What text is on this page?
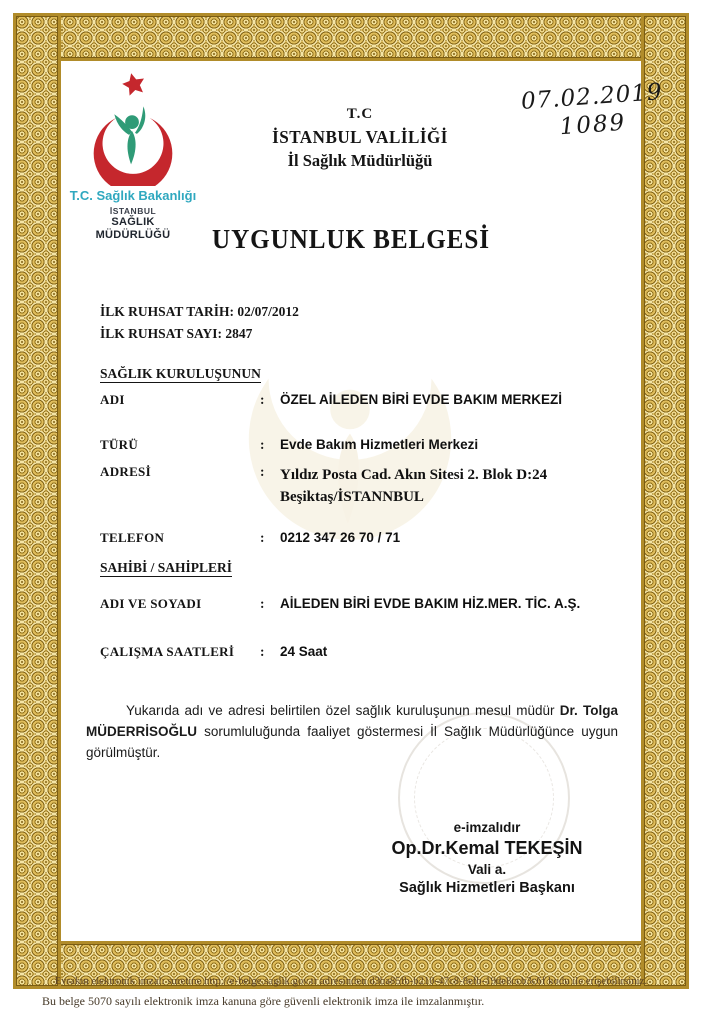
T.C. Sağlık Bakanlığı
İSTANBUL
SAĞLIK
MÜDÜRLÜĞÜ
T.C
İSTANBUL VALİLİĞİ
İl Sağlık Müdürlüğü
07.02.2019
1089
UYGUNLUK BELGESİ
İLK RUHSAT TARİH: 02/07/2012
İLK RUHSAT SAYI: 2847
SAĞLIK KURULUŞUNUN
ADI	:	ÖZEL AİLEDEN BİRİ EVDE BAKIM MERKEZİ
TÜRÜ	:	Evde Bakım Hizmetleri Merkezi
ADRESİ	:	Yıldız Posta Cad. Akın Sitesi 2. Blok D:24
Beşiktaş/İSTANNBUL
TELEFON	:	0212 347 26 70 / 71
SAHİBİ / SAHİPLERİ
ADI VE SOYADI	:	AİLEDEN BİRİ EVDE BAKIM HİZ.MER. TİC. A.Ş.
ÇALIŞMA SAATLERİ	:	24 Saat
Yukarıda adı ve adresi belirtilen özel sağlık kuruluşunun mesul müdür Dr. Tolga MÜDERRİSOĞLU sorumluluğunda faaliyet göstermesi İl Sağlık Müdürlüğünce uygun görülmüştür.
e-imzalıdır
Op.Dr.Kemal TEKEŞİN
Vali a.
Sağlık Hizmetleri Başkanı
Evrakın elektronik imzalı suretine http://e-belge.saglik.gov.tr adresinden d3ba85fb-b210-47c8-8efb-19de8ccb3c6f kodu ile erişebilirsiniz.
Bu belge 5070 sayılı elektronik imza kanuna göre güvenli elektronik imza ile imzalanmıştır.
